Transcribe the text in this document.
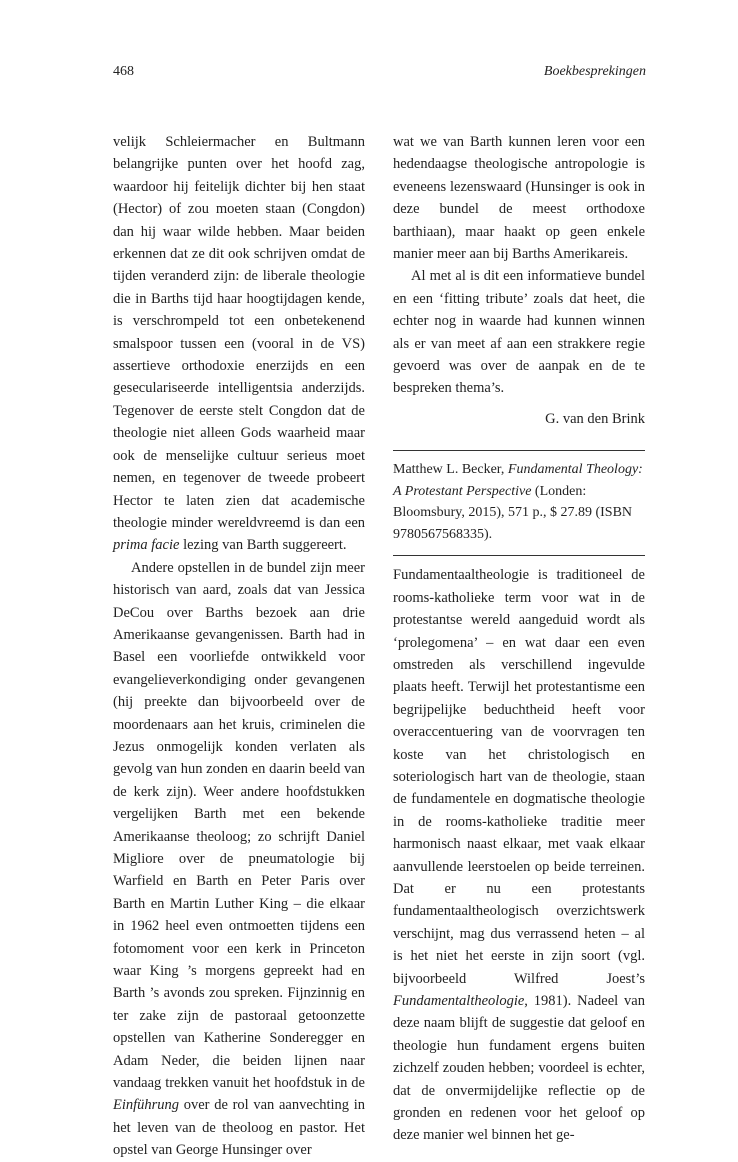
468	Boekbesprekingen

velijk Schleiermacher en Bultmann belangrijke punten over het hoofd zag, waardoor hij feitelijk dichter bij hen staat (Hector) of zou moeten staan (Congdon) dan hij waar wilde hebben. Maar beiden erkennen dat ze dit ook schrijven omdat de tijden veranderd zijn: de liberale theologie die in Barths tijd haar hoogtijdagen kende, is verschrompeld tot een onbetekenend smalspoor tussen een (vooral in de VS) assertieve orthodoxie enerzijds en een geseculariseerde intelligentsia anderzijds. Tegenover de eerste stelt Congdon dat de theologie niet alleen Gods waarheid maar ook de menselijke cultuur serieus moet nemen, en tegenover de tweede probeert Hector te laten zien dat academische theologie minder wereldvreemd is dan een prima facie lezing van Barth suggereert.

Andere opstellen in de bundel zijn meer historisch van aard, zoals dat van Jessica DeCou over Barths bezoek aan drie Amerikaanse gevangenissen. Barth had in Basel een voorliefde ontwikkeld voor evangelieverkondiging onder gevangenen (hij preekte dan bijvoorbeeld over de moordenaars aan het kruis, criminelen die Jezus onmogelijk konden verlaten als gevolg van hun zonden en daarin beeld van de kerk zijn). Weer andere hoofdstukken vergelijken Barth met een bekende Amerikaanse theoloog; zo schrijft Daniel Migliore over de pneumatologie bij Warfield en Barth en Peter Paris over Barth en Martin Luther King – die elkaar in 1962 heel even ontmoetten tijdens een fotomoment voor een kerk in Princeton waar King ’s morgens gepreekt had en Barth ’s avonds zou spreken. Fijnzinnig en ter zake zijn de pastoraal getoonzette opstellen van Katherine Sonderegger en Adam Neder, die beiden lijnen naar vandaag trekken vanuit het hoofdstuk in de Einführung over de rol van aanvechting in het leven van de theoloog en pastor. Het opstel van George Hunsinger over

wat we van Barth kunnen leren voor een hedendaagse theologische antropologie is eveneens lezenswaard (Hunsinger is ook in deze bundel de meest orthodoxe barthiaan), maar haakt op geen enkele manier meer aan bij Barths Amerikareis.

Al met al is dit een informatieve bundel en een ‘fitting tribute’ zoals dat heet, die echter nog in waarde had kunnen winnen als er van meet af aan een strakkere regie gevoerd was over de aanpak en de te bespreken thema’s.

G. van den Brink

Matthew L. Becker, Fundamental Theology: A Protestant Perspective (Londen: Bloomsbury, 2015), 571 p., $ 27.89 (ISBN 9780567568335).

Fundamentaaltheologie is traditioneel de rooms-katholieke term voor wat in de protestantse wereld aangeduid wordt als ‘prolegomena’ – en wat daar een even omstreden als verschillend ingevulde plaats heeft. Terwijl het protestantisme een begrijpelijke beduchtheid heeft voor overaccentuering van de voorvragen ten koste van het christologisch en soteriologisch hart van de theologie, staan de fundamentele en dogmatische theologie in de rooms-katholieke traditie meer harmonisch naast elkaar, met vaak elkaar aanvullende leerstoelen op beide terreinen. Dat er nu een protestants fundamentaaltheologisch overzichtswerk verschijnt, mag dus verrassend heten – al is het niet het eerste in zijn soort (vgl. bijvoorbeeld Wilfred Joest’s Fundamentaltheologie, 1981). Nadeel van deze naam blijft de suggestie dat geloof en theologie hun fundament ergens buiten zichzelf zouden hebben; voordeel is echter, dat de onvermijdelijke reflectie op de gronden en redenen voor het geloof op deze manier wel binnen het ge-
